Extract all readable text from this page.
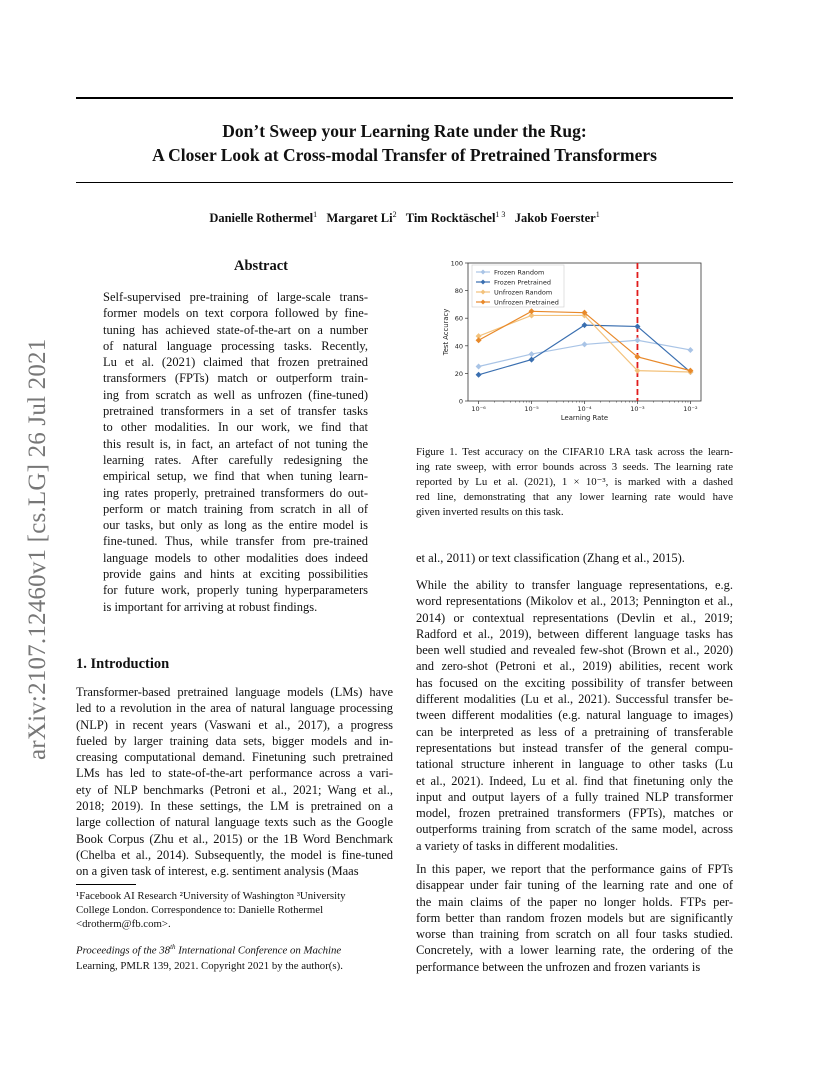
Don’t Sweep your Learning Rate under the Rug:
A Closer Look at Cross-modal Transfer of Pretrained Transformers
Danielle Rothermel$^1$ Margaret Li$^2$ Tim Rocktäschel$^{1 3}$ Jakob Foerster$^1$
arXiv:2107.12460v1 [cs.LG] 26 Jul 2021
Abstract
Self-supervised pre-training of large-scale trans-
former models on text corpora followed by fine-
tuning has achieved state-of-the-art on a number
of natural language processing tasks. Recently,
Lu et al. (2021) claimed that frozen pretrained
transformers (FPTs) match or outperform train-
ing from scratch as well as unfrozen (fine-tuned)
pretrained transformers in a set of transfer tasks
to other modalities. In our work, we find that
this result is, in fact, an artefact of not tuning the
learning rates. After carefully redesigning the
empirical setup, we find that when tuning learn-
ing rates properly, pretrained transformers do out-
perform or match training from scratch in all of
our tasks, but only as long as the entire model is
fine-tuned. Thus, while transfer from pre-trained
language models to other modalities does indeed
provide gains and hints at exciting possibilities
for future work, properly tuning hyperparameters
is important for arriving at robust findings.
1. Introduction
Transformer-based pretrained language models (LMs) have
led to a revolution in the area of natural language processing
(NLP) in recent years (Vaswani et al., 2017), a progress
fueled by larger training data sets, bigger models and in-
creasing computational demand. Finetuning such pretrained
LMs has led to state-of-the-art performance across a vari-
ety of NLP benchmarks (Petroni et al., 2021; Wang et al.,
2018; 2019). In these settings, the LM is pretrained on a
large collection of natural language texts such as the Google
Book Corpus (Zhu et al., 2015) or the 1B Word Benchmark
(Chelba et al., 2014). Subsequently, the model is fine-tuned
on a given task of interest, e.g. sentiment analysis (Maas
¹Facebook AI Research ²University of Washington ³University
College London. Correspondence to: Danielle Rothermel
<drotherm@fb.com>.
Proceedings of the 38th International Conference on Machine
Learning, PMLR 139, 2021. Copyright 2021 by the author(s).
0
20
40
60
80
100
10⁻⁶	10⁻⁵	10⁻⁴	10⁻³	10⁻²
Learning Rate
Test Accuracy
Frozen Random
Frozen Pretrained
Unfrozen Random
Unfrozen Pretrained
Figure 1. Test accuracy on the CIFAR10 LRA task across the learn-
ing rate sweep, with error bounds across 3 seeds. The learning rate
reported by Lu et al. (2021), 1 × 10⁻³, is marked with a dashed
red line, demonstrating that any lower learning rate would have
given inverted results on this task.
et al., 2011) or text classification (Zhang et al., 2015).
While the ability to transfer language representations, e.g.
word representations (Mikolov et al., 2013; Pennington et al.,
2014) or contextual representations (Devlin et al., 2019;
Radford et al., 2019), between different language tasks has
been well studied and revealed few-shot (Brown et al., 2020)
and zero-shot (Petroni et al., 2019) abilities, recent work
has focused on the exciting possibility of transfer between
different modalities (Lu et al., 2021). Successful transfer be-
tween different modalities (e.g. natural language to images)
can be interpreted as less of a pretraining of transferable
representations but instead transfer of the general compu-
tational structure inherent in language to other tasks (Lu
et al., 2021). Indeed, Lu et al. find that finetuning only the
input and output layers of a fully trained NLP transformer
model, frozen pretrained transformers (FPTs), matches or
outperforms training from scratch of the same model, across
a variety of tasks in different modalities.
In this paper, we report that the performance gains of FPTs
disappear under fair tuning of the learning rate and one of
the main claims of the paper no longer holds. FTPs per-
form better than random frozen models but are significantly
worse than training from scratch on all four tasks studied.
Concretely, with a lower learning rate, the ordering of the
performance between the unfrozen and frozen variants is
